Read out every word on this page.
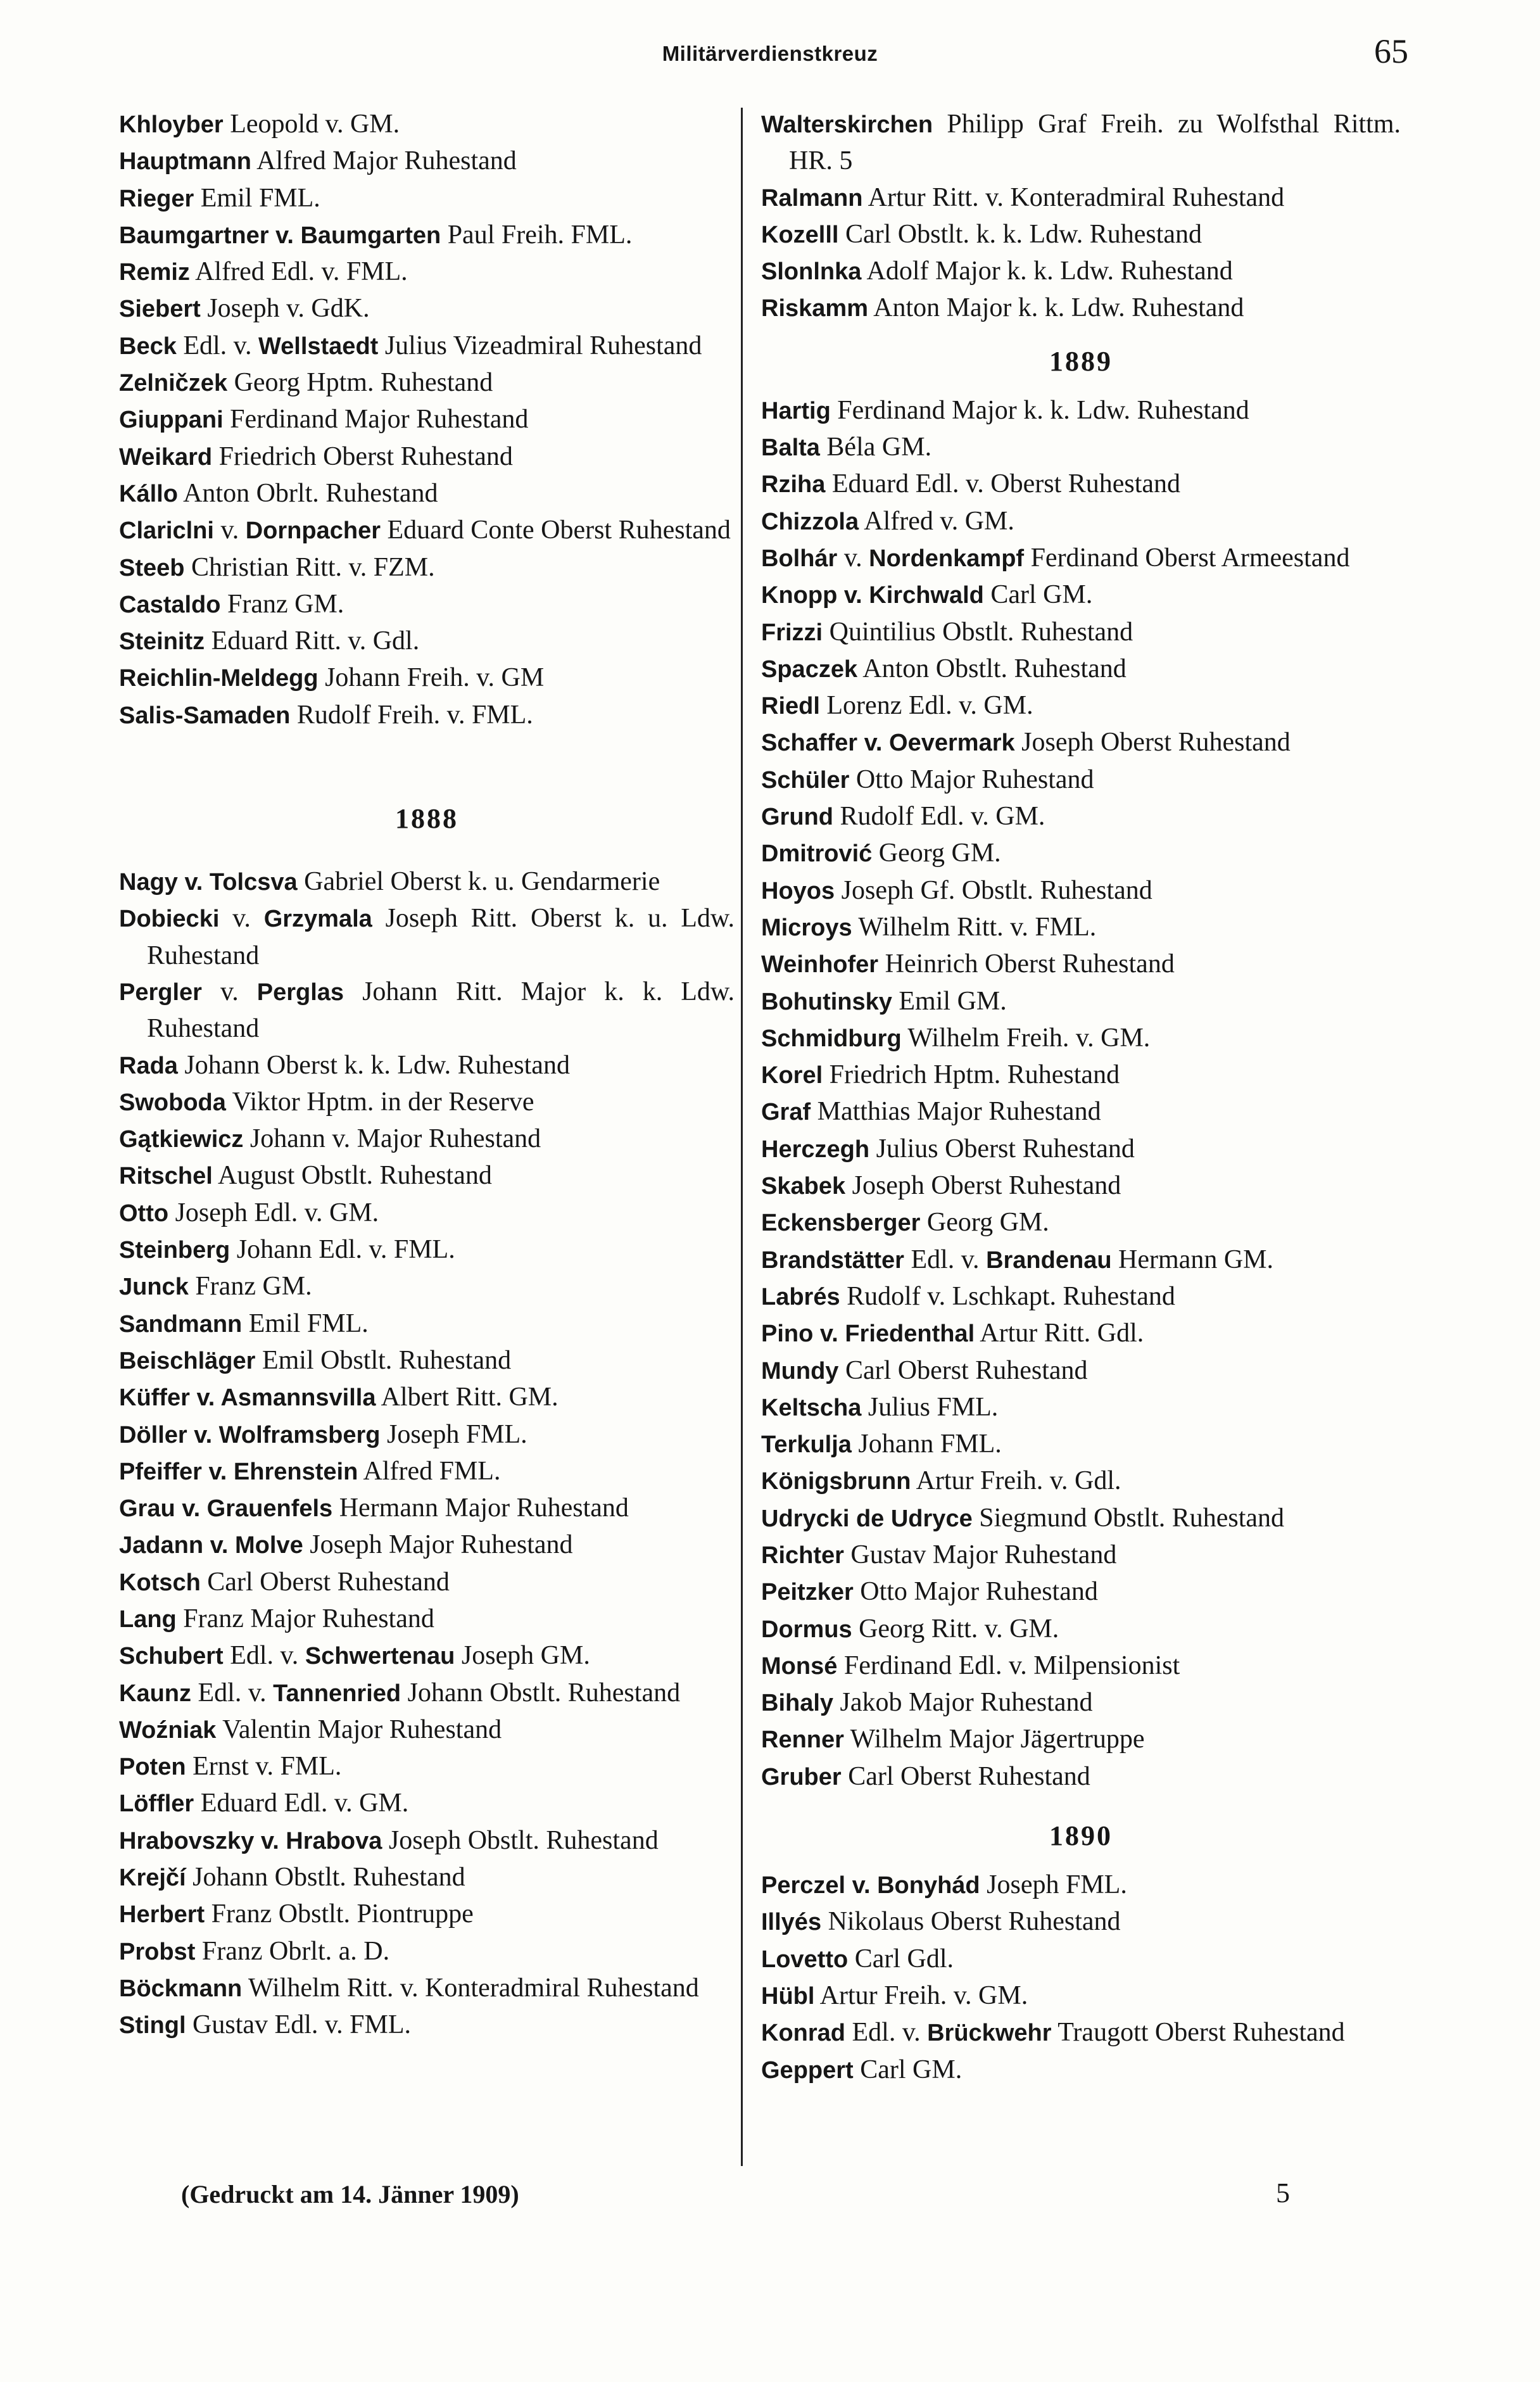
Militärverdienstkreuz	65
Khloyber Leopold v. GM.
Hauptmann Alfred Major Ruhestand
Rieger Emil FML.
Baumgartner v. Baumgarten Paul Freih. FML.
Remiz Alfred Edl. v. FML.
Siebert Joseph v. GdK.
Beck Edl. v. Wellstaedt Julius Vizeadmiral Ruhestand
Zelničzek Georg Hptm. Ruhestand
Giuppani Ferdinand Major Ruhestand
Weikard Friedrich Oberst Ruhestand
Kállo Anton Obrlt. Ruhestand
Clariclni v. Dornpacher Eduard Conte Oberst Ruhestand
Steeb Christian Ritt. v. FZM.
Castaldo Franz GM.
Steinitz Eduard Ritt. v. Gdl.
Reichlin-Meldegg Johann Freih. v. GM
Salis-Samaden Rudolf Freih. v. FML.
1888
Nagy v. Tolcsva Gabriel Oberst k. u. Gendarmerie
Dobiecki v. Grzymala Joseph Ritt. Oberst k. u. Ldw. Ruhestand
Pergler v. Perglas Johann Ritt. Major k. k. Ldw. Ruhestand
Rada Johann Oberst k. k. Ldw. Ruhestand
Swoboda Viktor Hptm. in der Reserve
Gątkiewicz Johann v. Major Ruhestand
Ritschel August Obstlt. Ruhestand
Otto Joseph Edl. v. GM.
Steinberg Johann Edl. v. FML.
Junck Franz GM.
Sandmann Emil FML.
Beischläger Emil Obstlt. Ruhestand
Küffer v. Asmannsvilla Albert Ritt. GM.
Döller v. Wolframsberg Joseph FML.
Pfeiffer v. Ehrenstein Alfred FML.
Grau v. Grauenfels Hermann Major Ruhestand
Jadann v. Molve Joseph Major Ruhestand
Kotsch Carl Oberst Ruhestand
Lang Franz Major Ruhestand
Schubert Edl. v. Schwertenau Joseph GM.
Kaunz Edl. v. Tannenried Johann Obstlt. Ruhestand
Woźniak Valentin Major Ruhestand
Poten Ernst v. FML.
Löffler Eduard Edl. v. GM.
Hrabovszky v. Hrabova Joseph Obstlt. Ruhestand
Krejčí Johann Obstlt. Ruhestand
Herbert Franz Obstlt. Piontruppe
Probst Franz Obrlt. a. D.
Böckmann Wilhelm Ritt. v. Konteradmiral Ruhestand
Stingl Gustav Edl. v. FML.
Walterskirchen Philipp Graf Freih. zu Wolfsthal Rittm. HR. 5
Ralmann Artur Ritt. v. Konteradmiral Ruhestand
Kozelll Carl Obstlt. k. k. Ldw. Ruhestand
Slonlnka Adolf Major k. k. Ldw. Ruhestand
Riskamm Anton Major k. k. Ldw. Ruhestand
1889
Hartig Ferdinand Major k. k. Ldw. Ruhestand
Balta Béla GM.
Rziha Eduard Edl. v. Oberst Ruhestand
Chizzola Alfred v. GM.
Bolhár v. Nordenkampf Ferdinand Oberst Armeestand
Knopp v. Kirchwald Carl GM.
Frizzi Quintilius Obstlt. Ruhestand
Spaczek Anton Obstlt. Ruhestand
Riedl Lorenz Edl. v. GM.
Schaffer v. Oevermark Joseph Oberst Ruhestand
Schüler Otto Major Ruhestand
Grund Rudolf Edl. v. GM.
Dmitrović Georg GM.
Hoyos Joseph Gf. Obstlt. Ruhestand
Microys Wilhelm Ritt. v. FML.
Weinhofer Heinrich Oberst Ruhestand
Bohutinsky Emil GM.
Schmidburg Wilhelm Freih. v. GM.
Korel Friedrich Hptm. Ruhestand
Graf Matthias Major Ruhestand
Herczegh Julius Oberst Ruhestand
Skabek Joseph Oberst Ruhestand
Eckensberger Georg GM.
Brandstätter Edl. v. Brandenau Hermann GM.
Labrés Rudolf v. Lschkapt. Ruhestand
Pino v. Friedenthal Artur Ritt. Gdl.
Mundy Carl Oberst Ruhestand
Keltscha Julius FML.
Terkulja Johann FML.
Königsbrunn Artur Freih. v. Gdl.
Udrycki de Udryce Siegmund Obstlt. Ruhestand
Richter Gustav Major Ruhestand
Peitzker Otto Major Ruhestand
Dormus Georg Ritt. v. GM.
Monsé Ferdinand Edl. v. Milpensionist
Bihaly Jakob Major Ruhestand
Renner Wilhelm Major Jägertruppe
Gruber Carl Oberst Ruhestand
1890
Perczel v. Bonyhád Joseph FML.
Illyés Nikolaus Oberst Ruhestand
Lovetto Carl Gdl.
Hübl Artur Freih. v. GM.
Konrad Edl. v. Brückwehr Traugott Oberst Ruhestand
Geppert Carl GM.
(Gedruckt am 14. Jänner 1909)	5
